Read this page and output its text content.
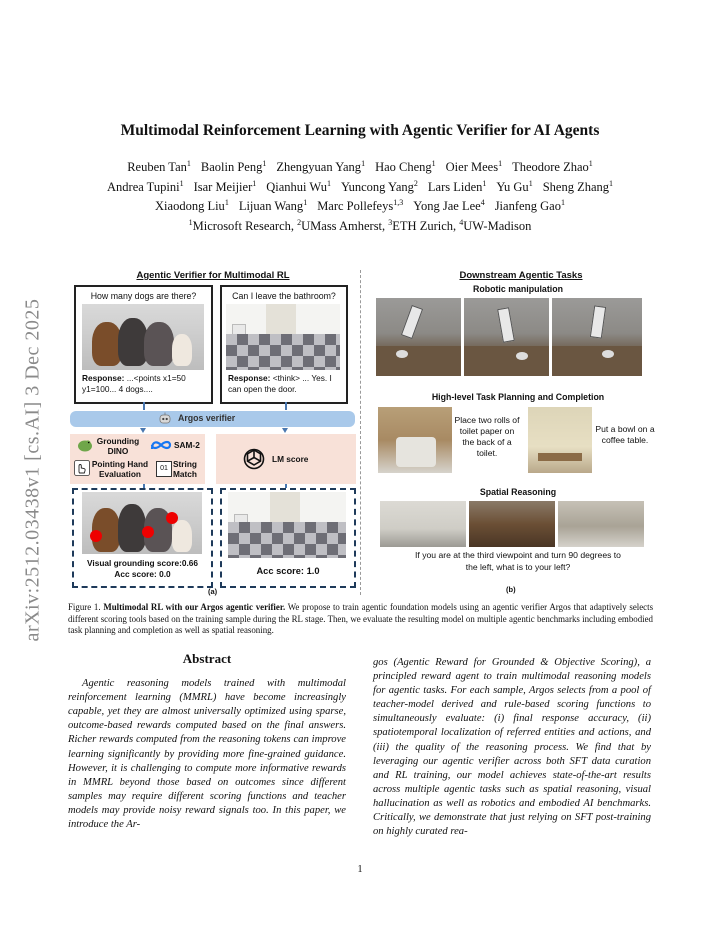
arXiv:2512.03438v1 [cs.AI] 3 Dec 2025
Multimodal Reinforcement Learning with Agentic Verifier for AI Agents
Reuben Tan$^1$ Baolin Peng$^1$ Zhengyuan Yang$^1$ Hao Cheng$^1$ Oier Mees$^1$ Theodore Zhao$^1$
Andrea Tupini$^1$ Isar Meijier$^1$ Qianhui Wu$^1$ Yuncong Yang$^2$ Lars Liden$^1$ Yu Gu$^1$ Sheng Zhang$^1$
Xiaodong Liu$^1$ Lijuan Wang$^1$ Marc Pollefeys$^{1,3}$ Yong Jae Lee$^4$ Jianfeng Gao$^1$
$^1$Microsoft Research, $^2$UMass Amherst, $^3$ETH Zurich, $^4$UW-Madison
Agentic Verifier for Multimodal RL	Downstream Agentic Tasks
How many dogs are there?
Response: ...<points x1=50 y1=100... 4 dogs....
Can I leave the bathroom?
Response: <think> ... Yes. I can open the door.
Argos verifier
Grounding DINO
SAM-2
Pointing Hand Evaluation
01 String Match
LM score
Visual grounding score:0.66
Acc score: 0.0	Acc score: 1.0
(a)
Robotic manipulation
High-level Task Planning and Completion
Place two rolls of toilet paper on the back of a toilet.
Put a bowl on a coffee table.
Spatial Reasoning
If you are at the third viewpoint and turn 90 degrees to the left, what is to your left?
(b)
Figure 1. Multimodal RL with our Argos agentic verifier. We propose to train agentic foundation models using an agentic verifier Argos that adaptively selects different scoring tools based on the training sample during the RL stage. Then, we evaluate the resulting model on multiple agentic benchmarks including embodied task planning and completion as well as spatial reasoning.
Abstract
Agentic reasoning models trained with multimodal reinforcement learning (MMRL) have become increasingly capable, yet they are almost universally optimized using sparse, outcome-based rewards computed based on the final answers. Richer rewards computed from the reasoning tokens can improve learning significantly by providing more fine-grained guidance. However, it is challenging to compute more informative rewards in MMRL beyond those based on outcomes since different samples may require different scoring functions and teacher models may provide noisy reward signals too. In this paper, we introduce the Ar-
gos (Agentic Reward for Grounded & Objective Scoring), a principled reward agent to train multimodal reasoning models for agentic tasks. For each sample, Argos selects from a pool of teacher-model derived and rule-based scoring functions to simultaneously evaluate: (i) final response accuracy, (ii) spatiotemporal localization of referred entities and actions, and (iii) the quality of the reasoning process. We find that by leveraging our agentic verifier across both SFT data curation and RL training, our model achieves state-of-the-art results across multiple agentic tasks such as spatial reasoning, visual hallucination as well as robotics and embodied AI benchmarks. Critically, we demonstrate that just relying on SFT post-training on highly curated rea-
1
